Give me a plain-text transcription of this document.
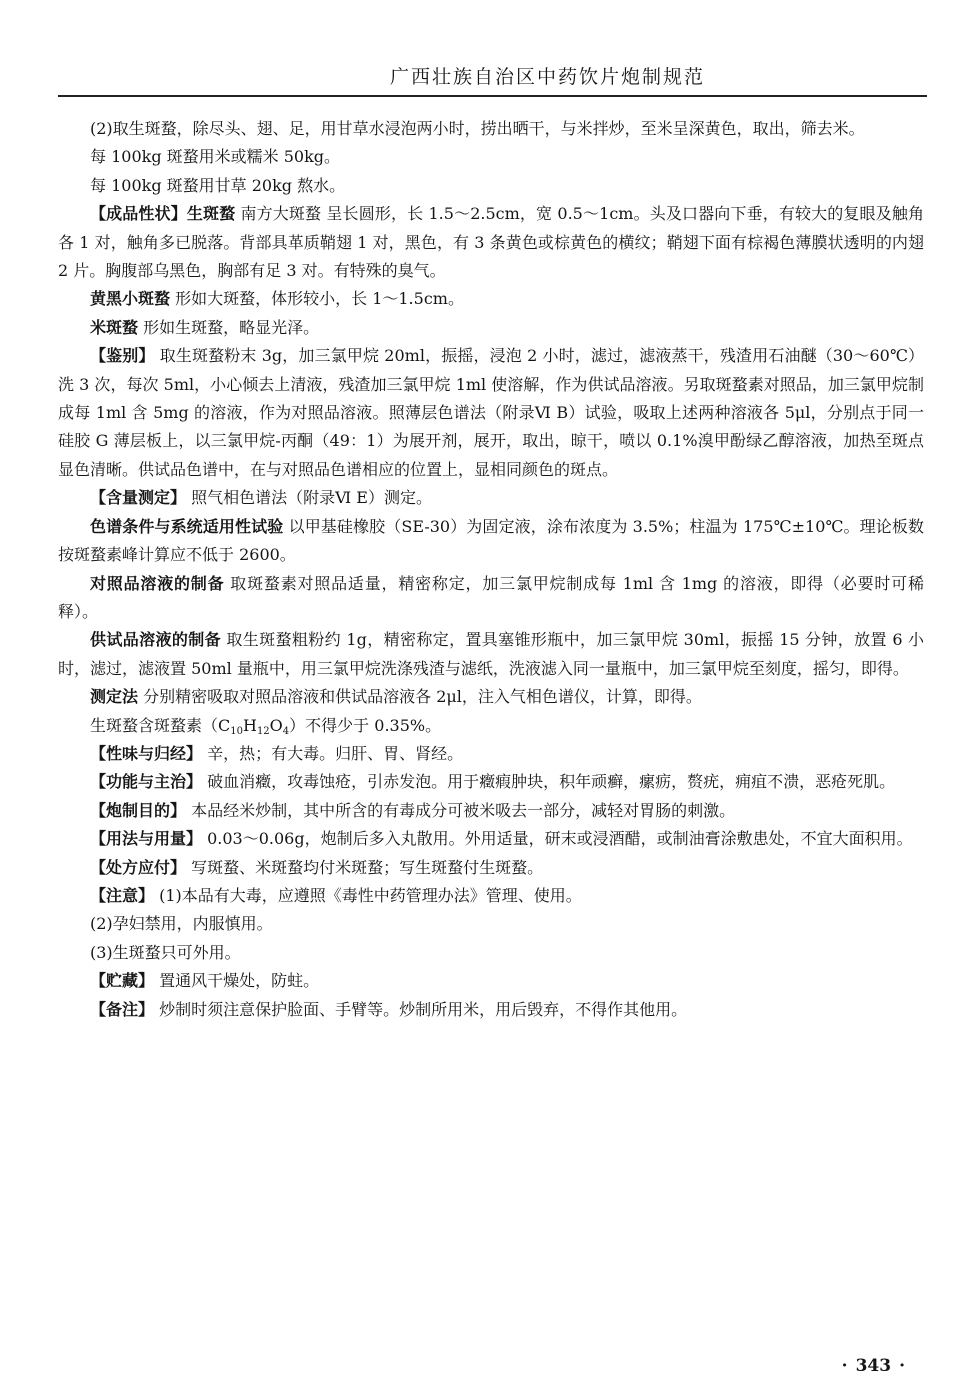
广西壮族自治区中药饮片炮制规范

(2)取生斑蝥，除尽头、翅、足，用甘草水浸泡两小时，捞出晒干，与米拌炒，至米呈深黄色，取出，筛去米。

每 100kg 斑蝥用米或糯米 50kg。

每 100kg 斑蝥用甘草 20kg 熬水。

【成品性状】生斑蝥 南方大斑蝥 呈长圆形，长 1.5～2.5cm，宽 0.5～1cm。头及口器向下垂，有较大的复眼及触角各 1 对，触角多已脱落。背部具革质鞘翅 1 对，黑色，有 3 条黄色或棕黄色的横纹；鞘翅下面有棕褐色薄膜状透明的内翅 2 片。胸腹部乌黑色，胸部有足 3 对。有特殊的臭气。

黄黑小斑蝥 形如大斑蝥，体形较小，长 1～1.5cm。

米斑蝥 形如生斑蝥，略显光泽。

【鉴别】 取生斑蝥粉末 3g，加三氯甲烷 20ml，振摇，浸泡 2 小时，滤过，滤液蒸干，残渣用石油醚（30～60℃）洗 3 次，每次 5ml，小心倾去上清液，残渣加三氯甲烷 1ml 使溶解，作为供试品溶液。另取斑蝥素对照品，加三氯甲烷制成每 1ml 含 5mg 的溶液，作为对照品溶液。照薄层色谱法（附录Ⅵ B）试验，吸取上述两种溶液各 5μl，分别点于同一硅胶 G 薄层板上，以三氯甲烷-丙酮（49：1）为展开剂，展开，取出，晾干，喷以 0.1%溴甲酚绿乙醇溶液，加热至斑点显色清晰。供试品色谱中，在与对照品色谱相应的位置上，显相同颜色的斑点。

【含量测定】 照气相色谱法（附录Ⅵ E）测定。

色谱条件与系统适用性试验 以甲基硅橡胶（SE-30）为固定液，涂布浓度为 3.5%；柱温为 175℃±10℃。理论板数按斑蝥素峰计算应不低于 2600。

对照品溶液的制备 取斑蝥素对照品适量，精密称定，加三氯甲烷制成每 1ml 含 1mg 的溶液，即得（必要时可稀释）。

供试品溶液的制备 取生斑蝥粗粉约 1g，精密称定，置具塞锥形瓶中，加三氯甲烷 30ml，振摇 15 分钟，放置 6 小时，滤过，滤液置 50ml 量瓶中，用三氯甲烷洗涤残渣与滤纸，洗液滤入同一量瓶中，加三氯甲烷至刻度，摇匀，即得。

测定法 分别精密吸取对照品溶液和供试品溶液各 2μl，注入气相色谱仪，计算，即得。

生斑蝥含斑蝥素$(C_{10}H_{12}O_4)$不得少于 0.35%。

【性味与归经】 辛，热；有大毒。归肝、胃、肾经。

【功能与主治】 破血消癥，攻毒蚀疮，引赤发泡。用于癥瘕肿块，积年顽癣，瘰疬，赘疣，痈疽不溃，恶疮死肌。

【炮制目的】 本品经米炒制，其中所含的有毒成分可被米吸去一部分，减轻对胃肠的刺激。

【用法与用量】 0.03～0.06g，炮制后多入丸散用。外用适量，研末或浸酒醋，或制油膏涂敷患处，不宜大面积用。

【处方应付】 写斑蝥、米斑蝥均付米斑蝥；写生斑蝥付生斑蝥。

【注意】 (1)本品有大毒，应遵照《毒性中药管理办法》管理、使用。

(2)孕妇禁用，内服慎用。

(3)生斑蝥只可外用。

【贮藏】 置通风干燥处，防蛀。

【备注】 炒制时须注意保护脸面、手臂等。炒制所用米，用后毁弃，不得作其他用。

· 343 ·
